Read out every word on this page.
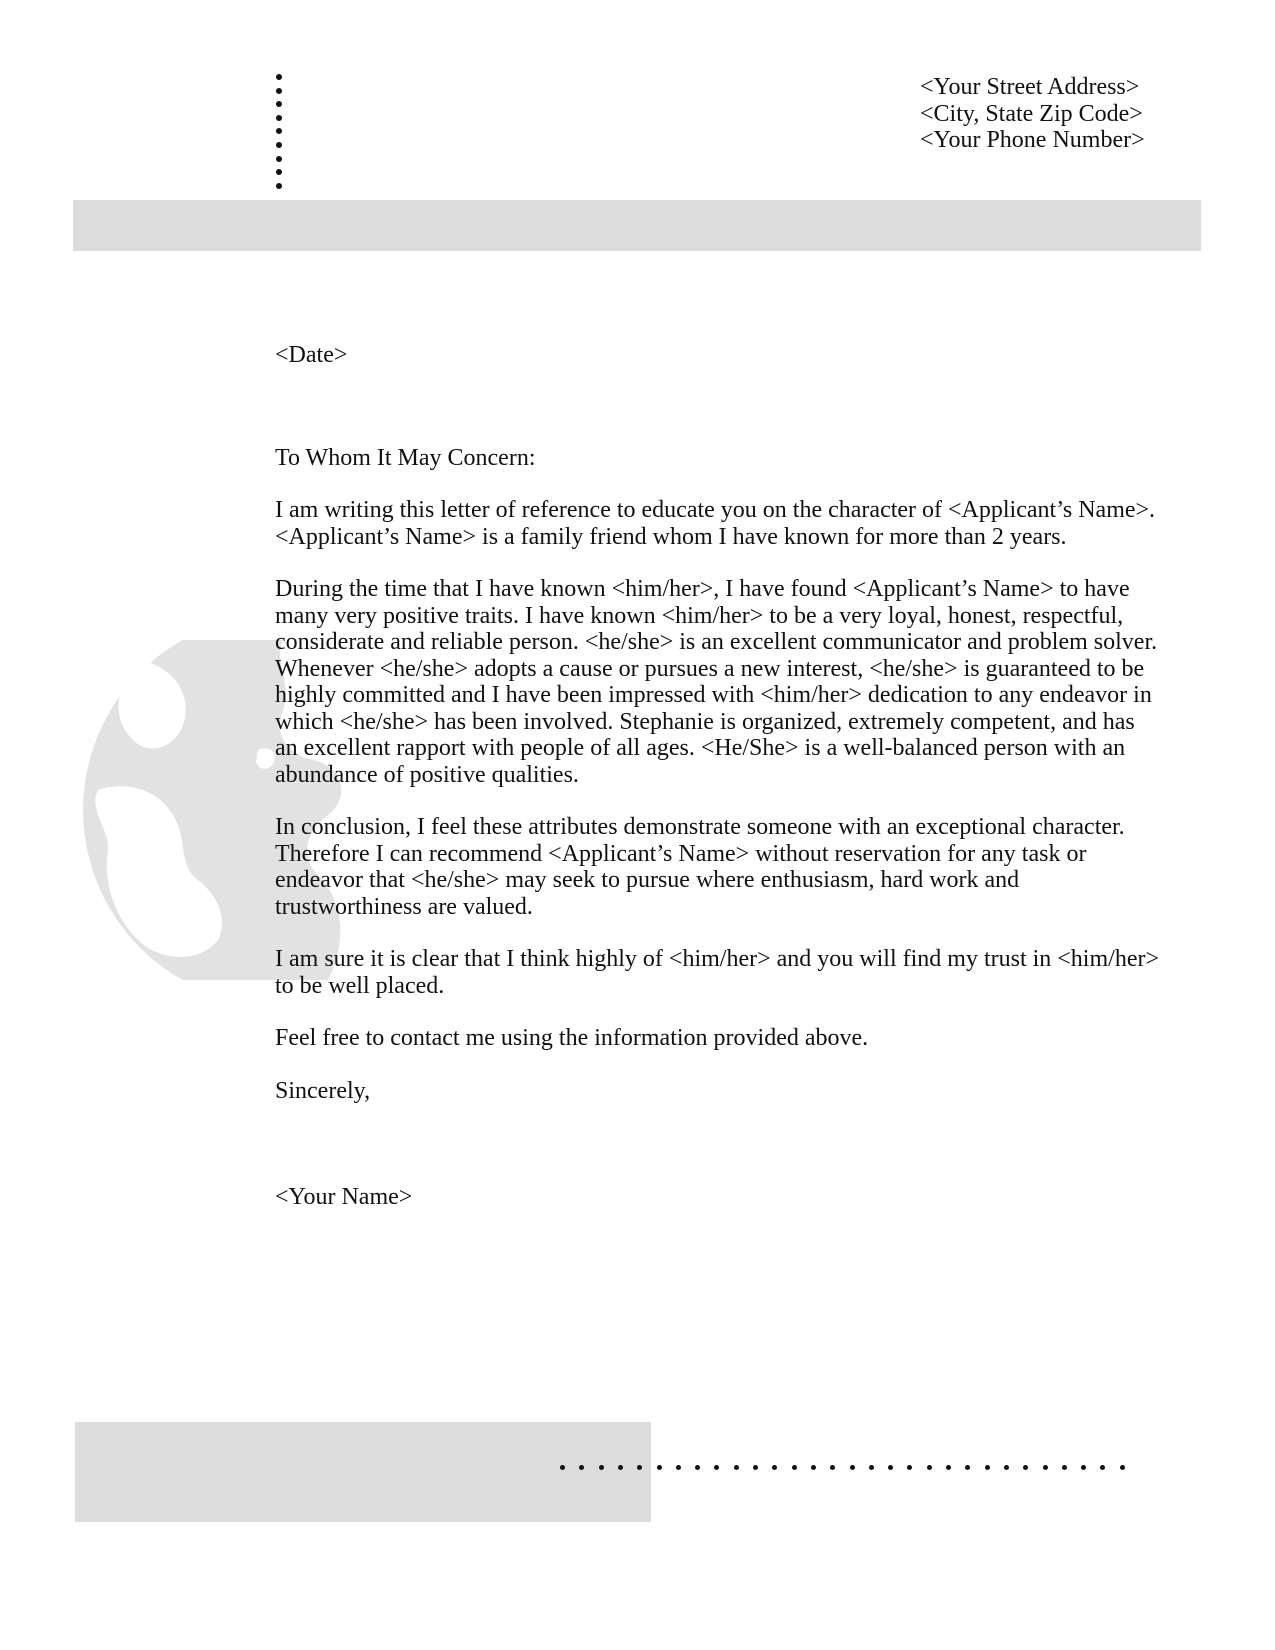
<Your Street Address>
<City, State Zip Code>
<Your Phone Number>

<Date>

To Whom It May Concern:

I am writing this letter of reference to educate you on the character of <Applicant’s Name>.
<Applicant’s Name> is a family friend whom I have known for more than 2 years.

During the time that I have known <him/her>, I have found <Applicant’s Name> to have
many very positive traits. I have known <him/her> to be a very loyal, honest, respectful,
considerate and reliable person. <he/she> is an excellent communicator and problem solver.
Whenever <he/she> adopts a cause or pursues a new interest, <he/she> is guaranteed to be
highly committed and I have been impressed with <him/her> dedication to any endeavor in
which <he/she> has been involved. Stephanie is organized, extremely competent, and has
an excellent rapport with people of all ages. <He/She> is a well-balanced person with an
abundance of positive qualities.

In conclusion, I feel these attributes demonstrate someone with an exceptional character.
Therefore I can recommend <Applicant’s Name> without reservation for any task or
endeavor that <he/she> may seek to pursue where enthusiasm, hard work and
trustworthiness are valued.

I am sure it is clear that I think highly of <him/her> and you will find my trust in <him/her>
to be well placed.

Feel free to contact me using the information provided above.

Sincerely,

<Your Name>
